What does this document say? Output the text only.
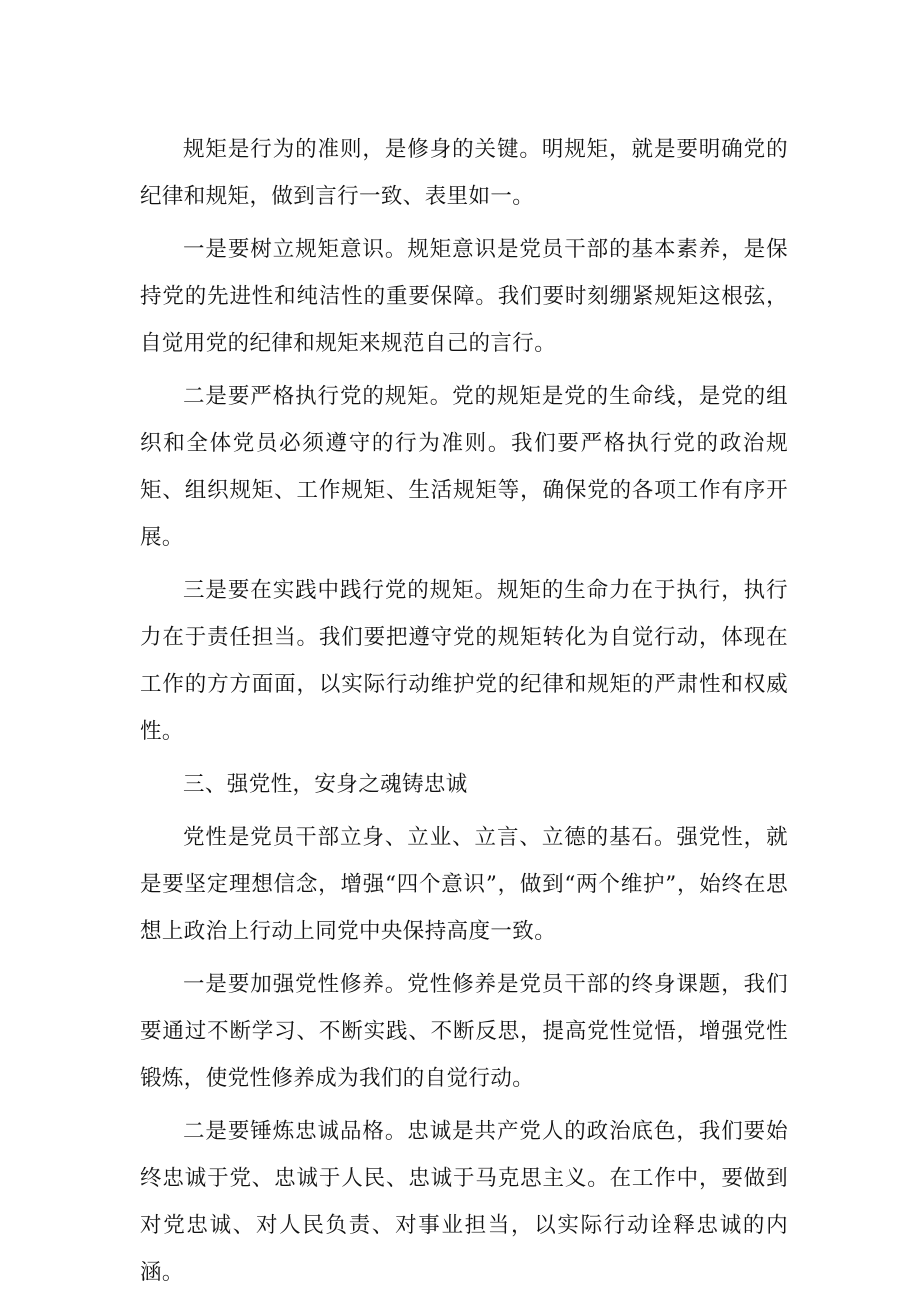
规矩是行为的准则，是修身的关键。明规矩，就是要明确党的纪律和规矩，做到言行一致、表里如一。

一是要树立规矩意识。规矩意识是党员干部的基本素养，是保持党的先进性和纯洁性的重要保障。我们要时刻绷紧规矩这根弦，自觉用党的纪律和规矩来规范自己的言行。

二是要严格执行党的规矩。党的规矩是党的生命线，是党的组织和全体党员必须遵守的行为准则。我们要严格执行党的政治规矩、组织规矩、工作规矩、生活规矩等，确保党的各项工作有序开展。

三是要在实践中践行党的规矩。规矩的生命力在于执行，执行力在于责任担当。我们要把遵守党的规矩转化为自觉行动，体现在工作的方方面面，以实际行动维护党的纪律和规矩的严肃性和权威性。

三、强党性，安身之魂铸忠诚

党性是党员干部立身、立业、立言、立德的基石。强党性，就是要坚定理想信念，增强“四个意识”，做到“两个维护”，始终在思想上政治上行动上同党中央保持高度一致。

一是要加强党性修养。党性修养是党员干部的终身课题，我们要通过不断学习、不断实践、不断反思，提高党性觉悟，增强党性锻炼，使党性修养成为我们的自觉行动。

二是要锤炼忠诚品格。忠诚是共产党人的政治底色，我们要始终忠诚于党、忠诚于人民、忠诚于马克思主义。在工作中，要做到对党忠诚、对人民负责、对事业担当，以实际行动诠释忠诚的内涵。
